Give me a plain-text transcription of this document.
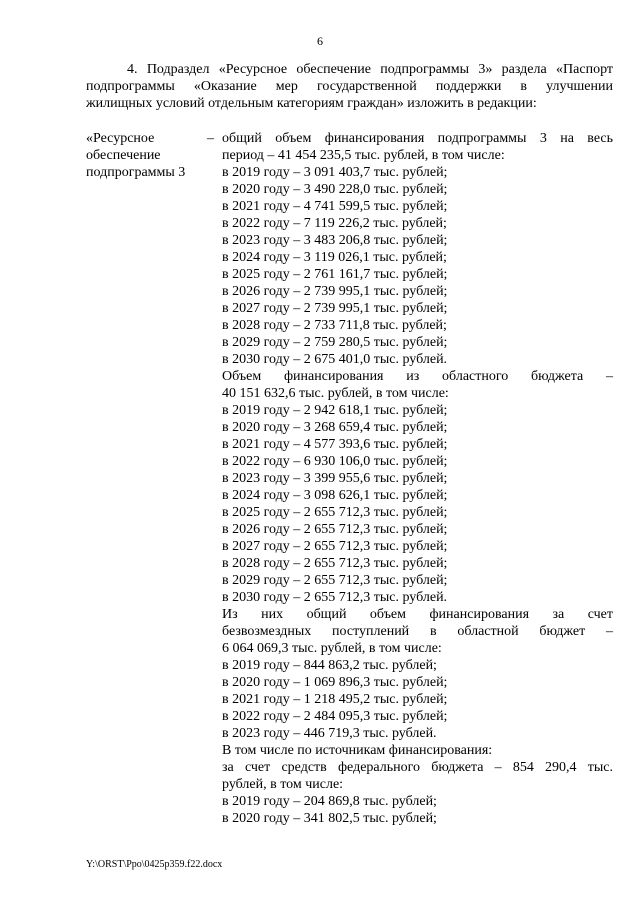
6
4. Подраздел «Ресурсное обеспечение подпрограммы 3» раздела «Паспорт
подпрограммы «Оказание мер государственной поддержки в улучшении
жилищных условий отдельным категориям граждан» изложить в редакции:
«Ресурсное
обеспечение
подпрограммы 3
– общий объем финансирования подпрограммы 3 на весь
период – 41 454 235,5 тыс. рублей, в том числе:
в 2019 году – 3 091 403,7 тыс. рублей;
в 2020 году – 3 490 228,0 тыс. рублей;
в 2021 году – 4 741 599,5 тыс. рублей;
в 2022 году – 7 119 226,2 тыс. рублей;
в 2023 году – 3 483 206,8 тыс. рублей;
в 2024 году – 3 119 026,1 тыс. рублей;
в 2025 году – 2 761 161,7 тыс. рублей;
в 2026 году – 2 739 995,1 тыс. рублей;
в 2027 году – 2 739 995,1 тыс. рублей;
в 2028 году – 2 733 711,8 тыс. рублей;
в 2029 году – 2 759 280,5 тыс. рублей;
в 2030 году – 2 675 401,0 тыс. рублей.
Объем финансирования из областного бюджета –
40 151 632,6 тыс. рублей, в том числе:
в 2019 году – 2 942 618,1 тыс. рублей;
в 2020 году – 3 268 659,4 тыс. рублей;
в 2021 году – 4 577 393,6 тыс. рублей;
в 2022 году – 6 930 106,0 тыс. рублей;
в 2023 году – 3 399 955,6 тыс. рублей;
в 2024 году – 3 098 626,1 тыс. рублей;
в 2025 году – 2 655 712,3 тыс. рублей;
в 2026 году – 2 655 712,3 тыс. рублей;
в 2027 году – 2 655 712,3 тыс. рублей;
в 2028 году – 2 655 712,3 тыс. рублей;
в 2029 году – 2 655 712,3 тыс. рублей;
в 2030 году – 2 655 712,3 тыс. рублей.
Из них общий объем финансирования за счет
безвозмездных поступлений в областной бюджет –
6 064 069,3 тыс. рублей, в том числе:
в 2019 году – 844 863,2 тыс. рублей;
в 2020 году – 1 069 896,3 тыс. рублей;
в 2021 году – 1 218 495,2 тыс. рублей;
в 2022 году – 2 484 095,3 тыс. рублей;
в 2023 году – 446 719,3 тыс. рублей.
В том числе по источникам финансирования:
за счет средств федерального бюджета – 854 290,4 тыс.
рублей, в том числе:
в 2019 году – 204 869,8 тыс. рублей;
в 2020 году – 341 802,5 тыс. рублей;
Y:\ORST\Ppo\0425p359.f22.docx
